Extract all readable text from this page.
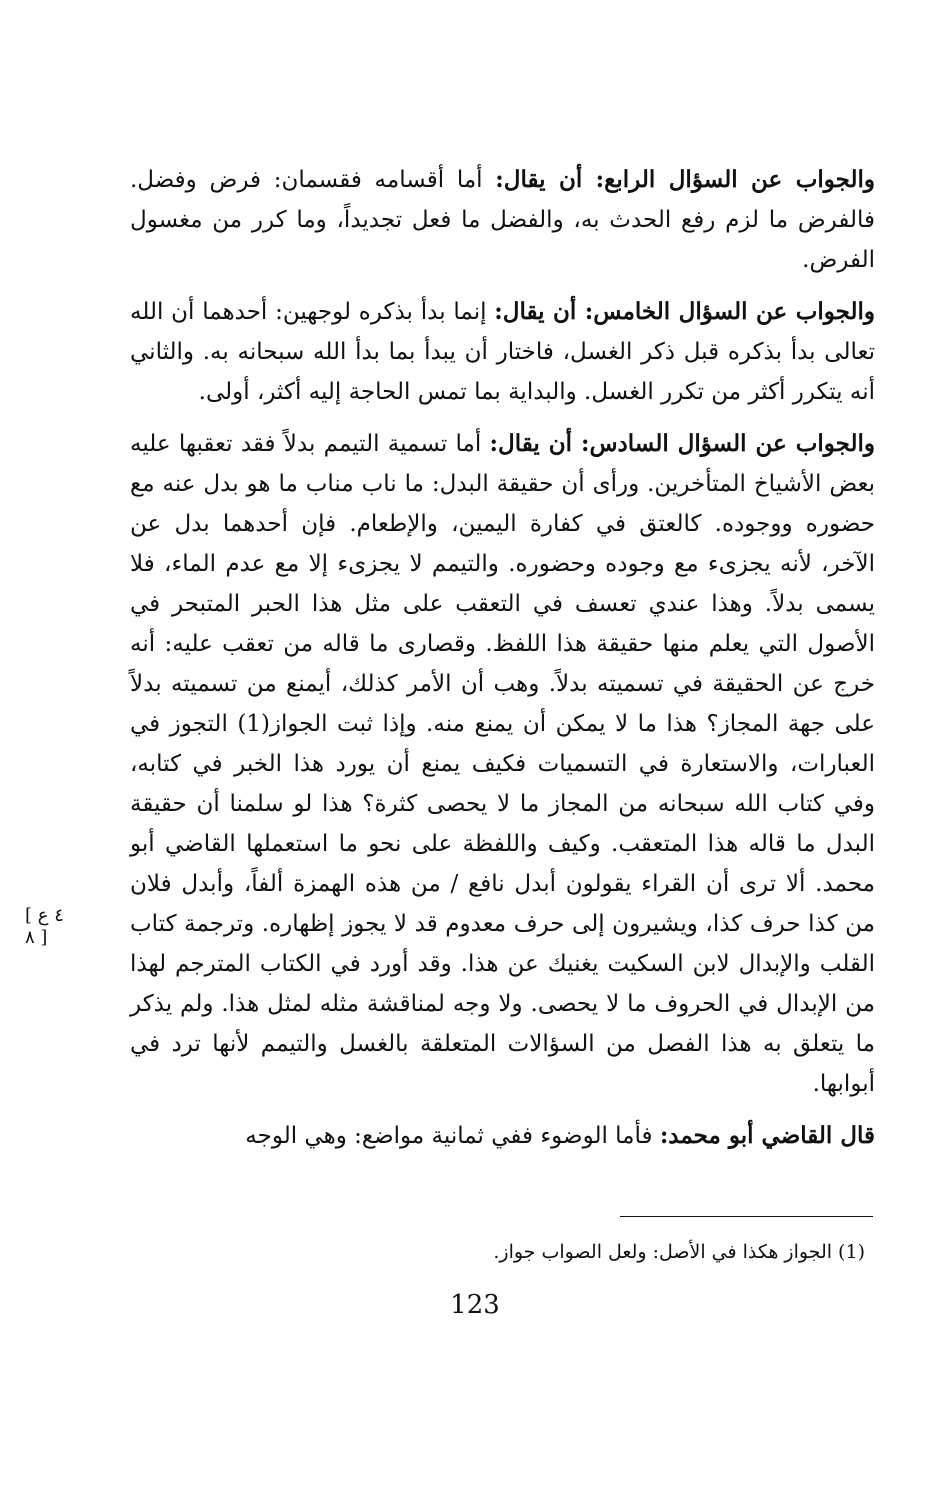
والجواب عن السؤال الرابع: أن يقال: أما أقسامه فقسمان: فرض وفضل. فالفرض ما لزم رفع الحدث به، والفضل ما فعل تجديداً، وما كرر من مغسول الفرض.

والجواب عن السؤال الخامس: أن يقال: إنما بدأ بذكره لوجهين: أحدهما أن الله تعالى بدأ بذكره قبل ذكر الغسل، فاختار أن يبدأ بما بدأ الله سبحانه به. والثاني أنه يتكرر أكثر من تكرر الغسل. والبداية بما تمس الحاجة إليه أكثر، أولى.

والجواب عن السؤال السادس: أن يقال: أما تسمية التيمم بدلاً فقد تعقبها عليه بعض الأشياخ المتأخرين. ورأى أن حقيقة البدل: ما ناب مناب ما هو بدل عنه مع حضوره ووجوده. كالعتق في كفارة اليمين، والإطعام. فإن أحدهما بدل عن الآخر، لأنه يجزىء مع وجوده وحضوره. والتيمم لا يجزىء إلا مع عدم الماء، فلا يسمى بدلاً. وهذا عندي تعسف في التعقب على مثل هذا الحبر المتبحر في الأصول التي يعلم منها حقيقة هذا اللفظ. وقصارى ما قاله من تعقب عليه: أنه خرج عن الحقيقة في تسميته بدلاً. وهب أن الأمر كذلك، أيمنع من تسميته بدلاً على جهة المجاز؟ هذا ما لا يمكن أن يمنع منه. وإذا ثبت الجواز(1) التجوز في العبارات، والاستعارة في التسميات فكيف يمنع أن يورد هذا الخبر في كتابه، وفي كتاب الله سبحانه من المجاز ما لا يحصى كثرة؟ هذا لو سلمنا أن حقيقة البدل ما قاله هذا المتعقب. وكيف واللفظة على نحو ما استعملها القاضي أبو محمد. ألا ترى أن القراء يقولون أبدل نافع / من هذه الهمزة ألفاً، وأبدل فلان من كذا حرف كذا، ويشيرون إلى حرف معدوم قد لا يجوز إظهاره. وترجمة كتاب القلب والإبدال لابن السكيت يغنيك عن هذا. وقد أورد في الكتاب المترجم لهذا من الإبدال في الحروف ما لا يحصى. ولا وجه لمناقشة مثله لمثل هذا. ولم يذكر ما يتعلق به هذا الفصل من السؤالات المتعلقة بالغسل والتيمم لأنها ترد في أبوابها.

قال القاضي أبو محمد: فأما الوضوء ففي ثمانية مواضع: وهي الوجه

[ ٤ ع
٨ ]
(1) الجواز هكذا في الأصل: ولعل الصواب جواز.
123
